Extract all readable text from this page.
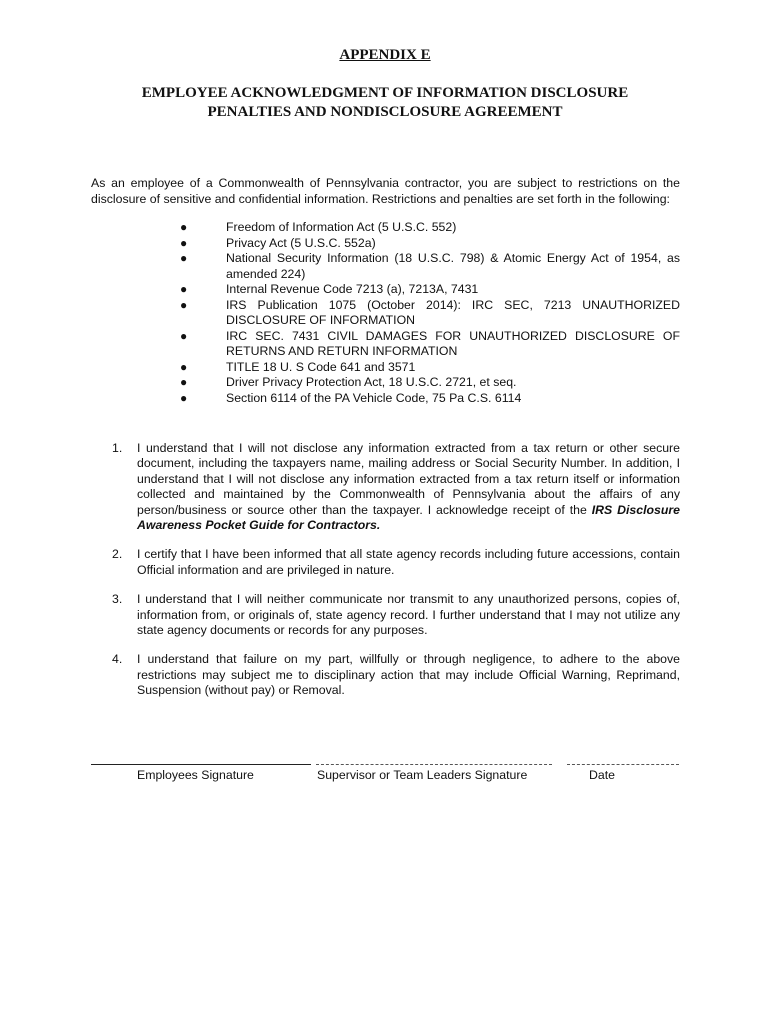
APPENDIX E
EMPLOYEE ACKNOWLEDGMENT OF INFORMATION DISCLOSURE
PENALTIES AND NONDISCLOSURE AGREEMENT
As an employee of a Commonwealth of Pennsylvania contractor, you are subject to restrictions on the disclosure of sensitive and confidential information. Restrictions and penalties are set forth in the following:
●	Freedom of Information Act (5 U.S.C. 552)
●	Privacy Act (5 U.S.C. 552a)
●	National Security Information (18 U.S.C. 798) & Atomic Energy Act of 1954, as amended 224)
●	Internal Revenue Code 7213 (a), 7213A, 7431
●	IRS Publication 1075 (October 2014): IRC SEC, 7213 UNAUTHORIZED DISCLOSURE OF INFORMATION
●	IRC SEC. 7431 CIVIL DAMAGES FOR UNAUTHORIZED DISCLOSURE OF RETURNS AND RETURN INFORMATION
●	TITLE 18 U. S Code 641 and 3571
●	Driver Privacy Protection Act, 18 U.S.C. 2721, et seq.
●	Section 6114 of the PA Vehicle Code, 75 Pa C.S. 6114
1. I understand that I will not disclose any information extracted from a tax return or other secure document, including the taxpayers name, mailing address or Social Security Number. In addition, I understand that I will not disclose any information extracted from a tax return itself or information collected and maintained by the Commonwealth of Pennsylvania about the affairs of any person/business or source other than the taxpayer. I acknowledge receipt of the IRS Disclosure Awareness Pocket Guide for Contractors.
2. I certify that I have been informed that all state agency records including future accessions, contain Official information and are privileged in nature.
3. I understand that I will neither communicate nor transmit to any unauthorized persons, copies of, information from, or originals of, state agency record. I further understand that I may not utilize any state agency documents or records for any purposes.
4. I understand that failure on my part, willfully or through negligence, to adhere to the above restrictions may subject me to disciplinary action that may include Official Warning, Reprimand, Suspension (without pay) or Removal.
Employees Signature	Supervisor or Team Leaders Signature	Date
